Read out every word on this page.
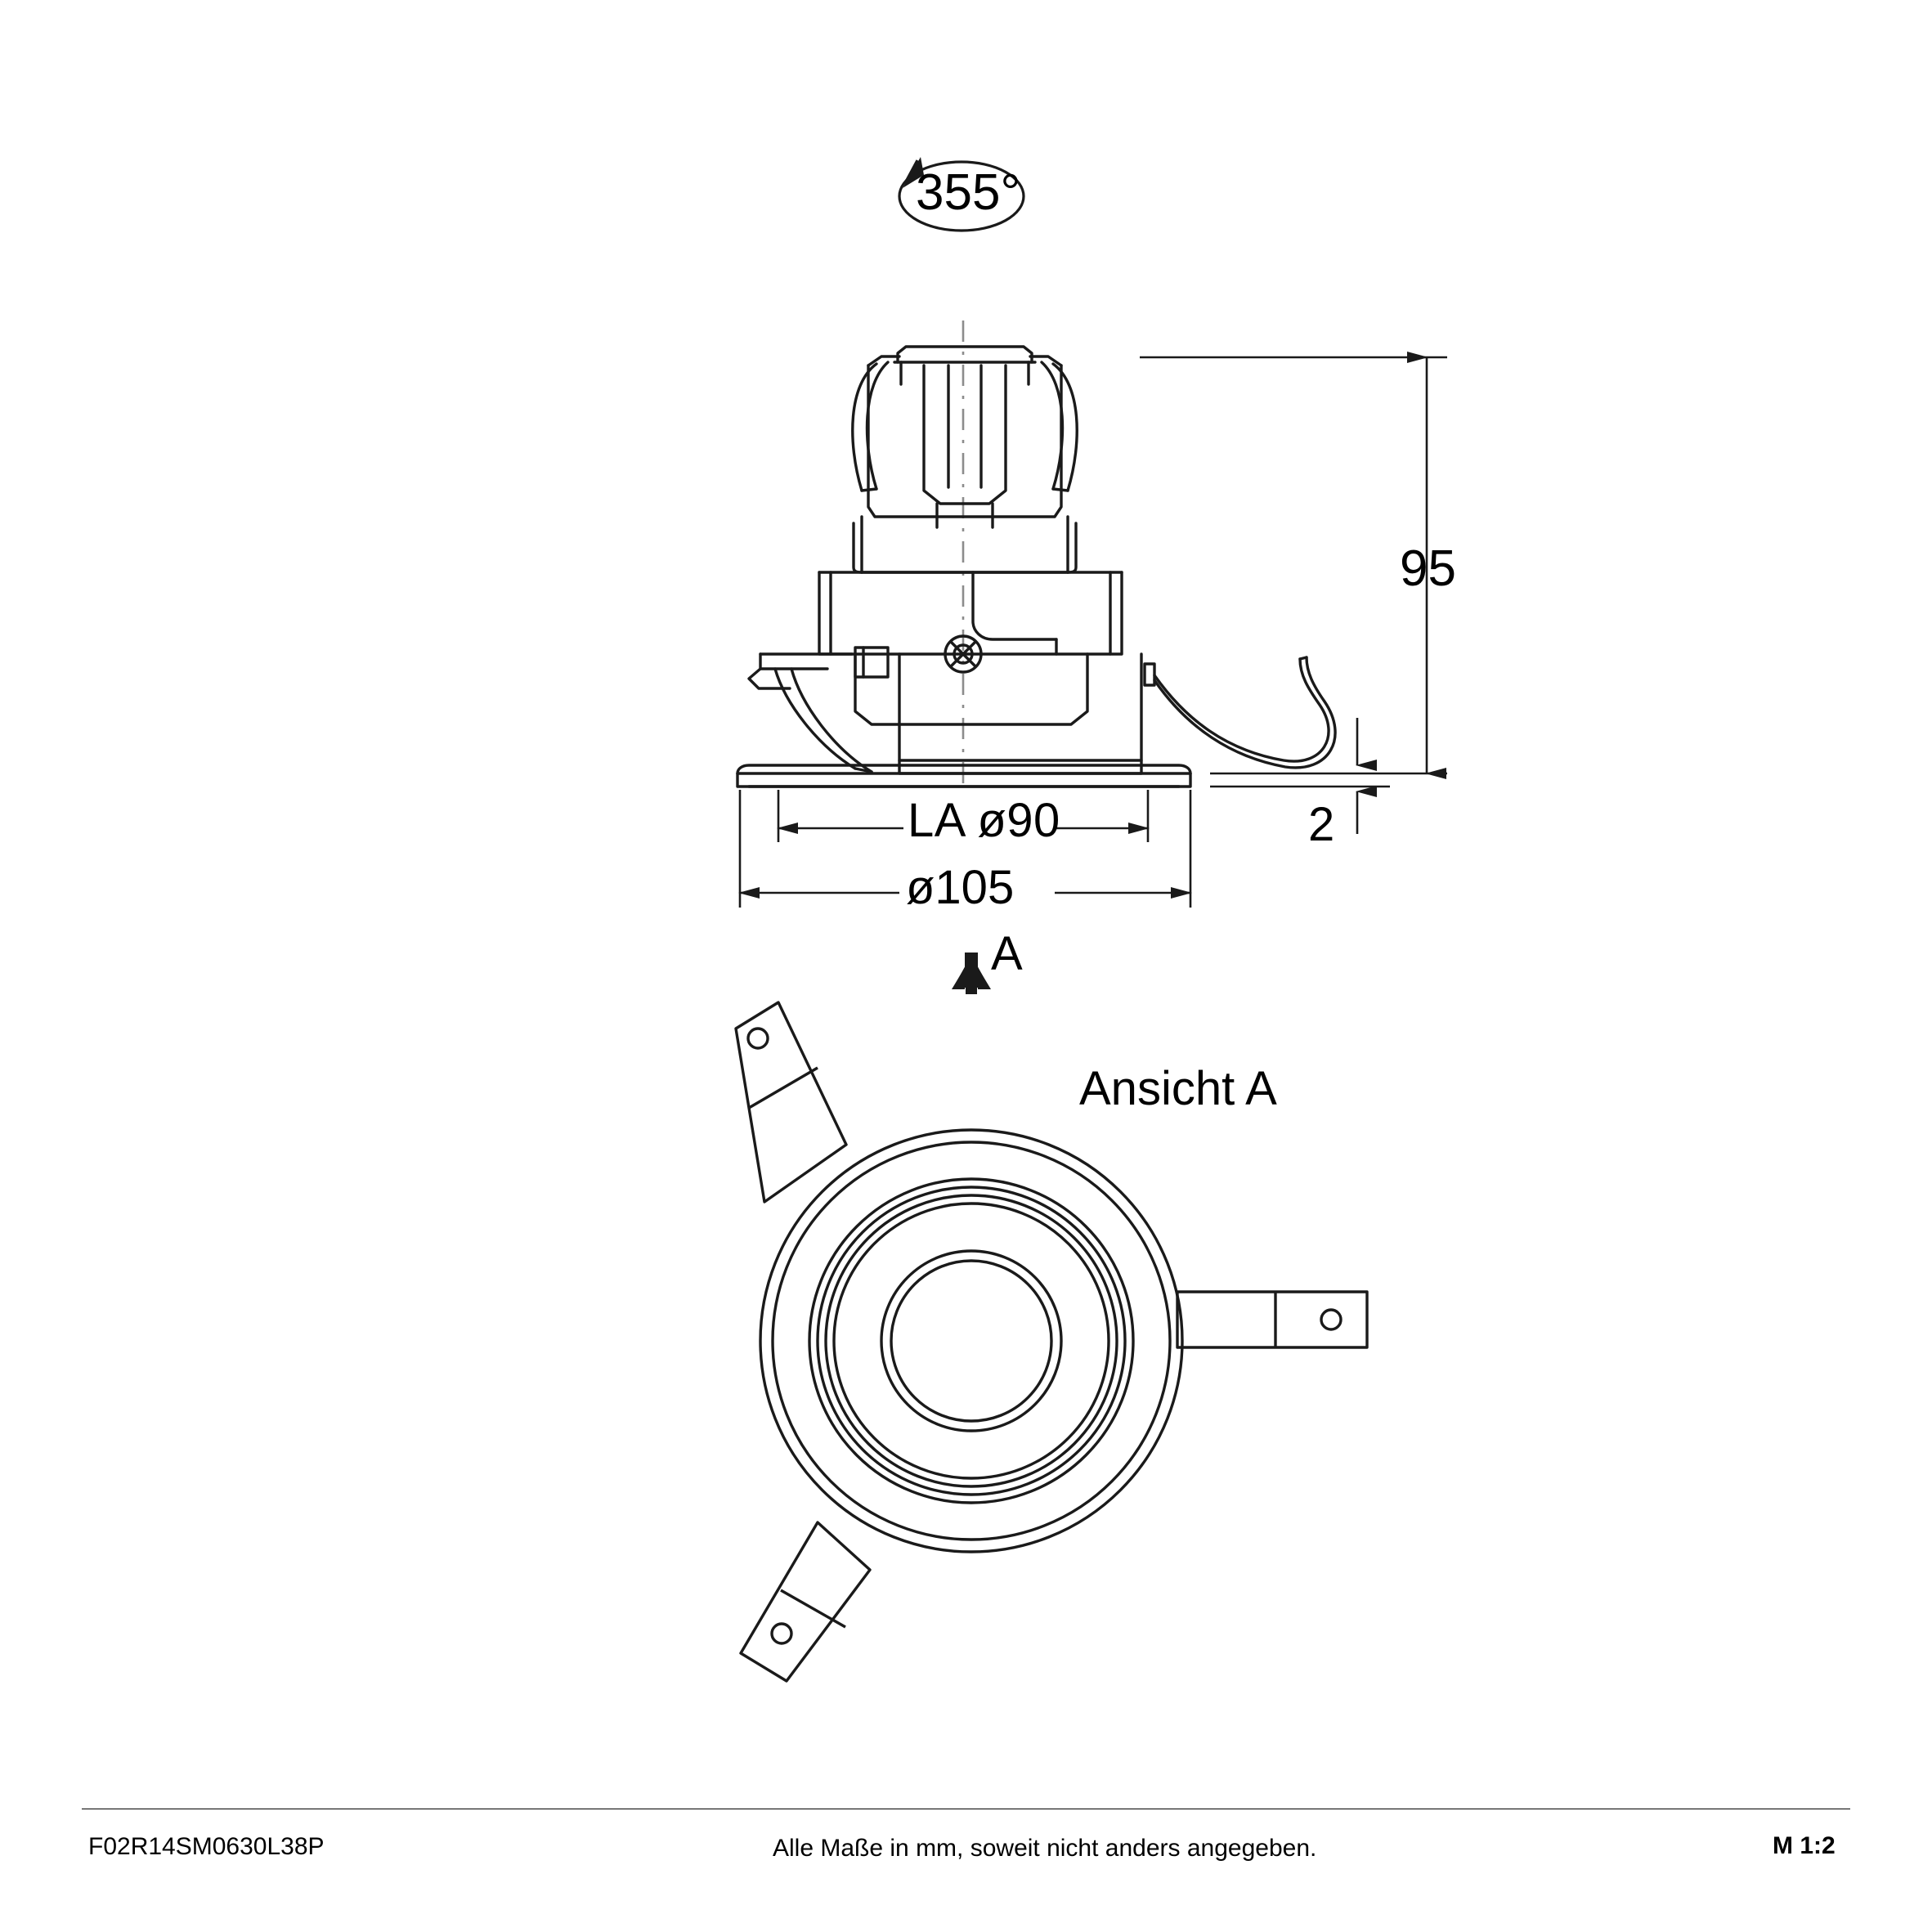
355°
95
2
LA ø90
ø105
A
Ansicht A
F02R14SM0630L38P	Alle Maße in mm, soweit nicht anders angegeben.	M 1:2
